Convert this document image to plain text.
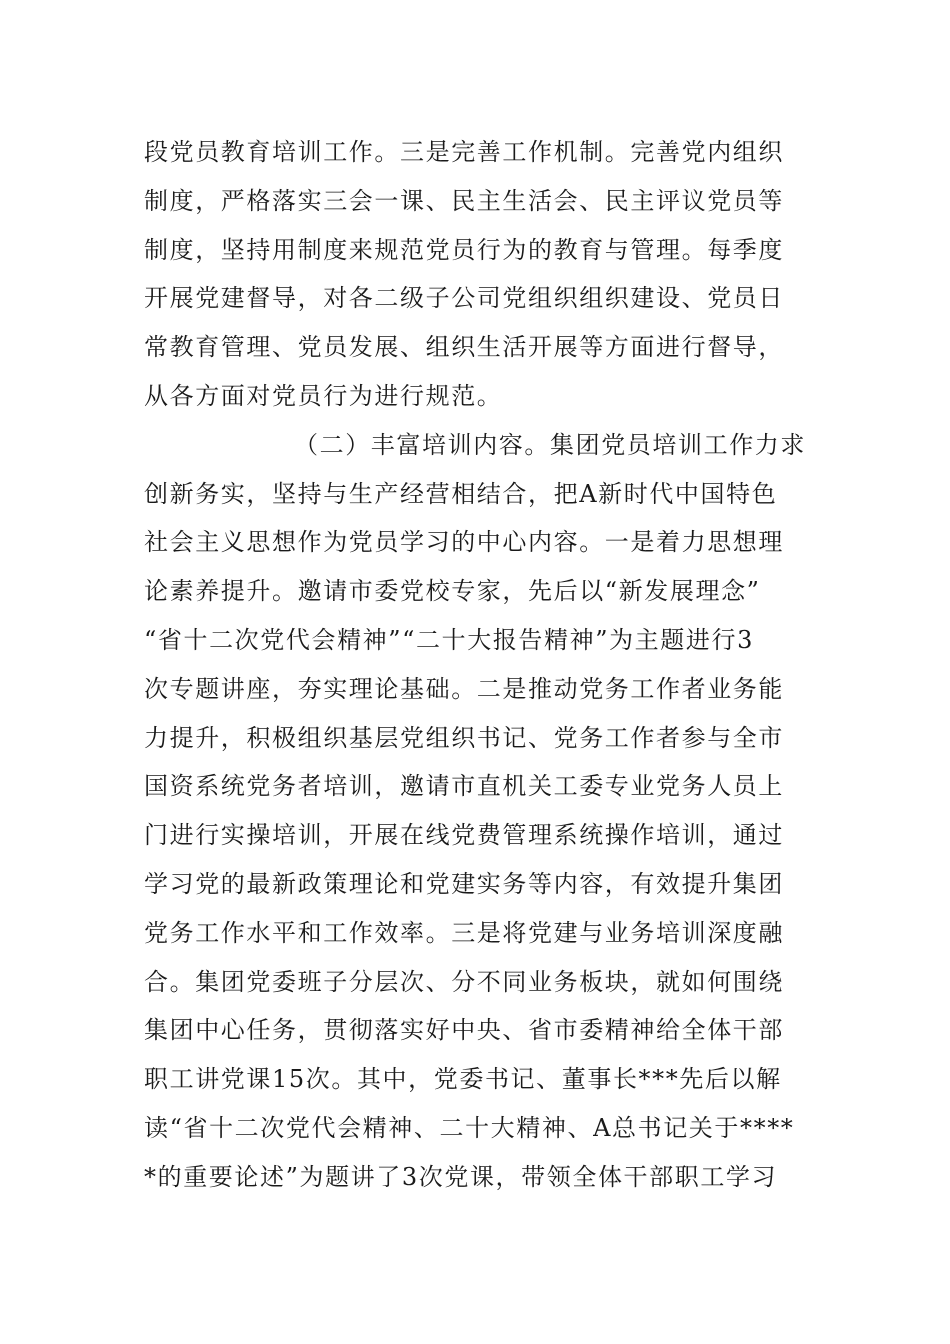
段党员教育培训工作。三是完善工作机制。完善党内组织
制度，严格落实三会一课、民主生活会、民主评议党员等
制度，坚持用制度来规范党员行为的教育与管理。每季度
开展党建督导，对各二级子公司党组织组织建设、党员日
常教育管理、党员发展、组织生活开展等方面进行督导，
从各方面对党员行为进行规范。
（二）丰富培训内容。集团党员培训工作力求
创新务实，坚持与生产经营相结合，把A新时代中国特色
社会主义思想作为党员学习的中心内容。一是着力思想理
论素养提升。邀请市委党校专家，先后以“新发展理念”
“省十二次党代会精神”“二十大报告精神”为主题进行3
次专题讲座，夯实理论基础。二是推动党务工作者业务能
力提升，积极组织基层党组织书记、党务工作者参与全市
国资系统党务者培训，邀请市直机关工委专业党务人员上
门进行实操培训，开展在线党费管理系统操作培训，通过
学习党的最新政策理论和党建实务等内容，有效提升集团
党务工作水平和工作效率。三是将党建与业务培训深度融
合。集团党委班子分层次、分不同业务板块，就如何围绕
集团中心任务，贯彻落实好中央、省市委精神给全体干部
职工讲党课15次。其中，党委书记、董事长***先后以解
读“省十二次党代会精神、二十大精神、A总书记关于****
*的重要论述”为题讲了3次党课，带领全体干部职工学习
